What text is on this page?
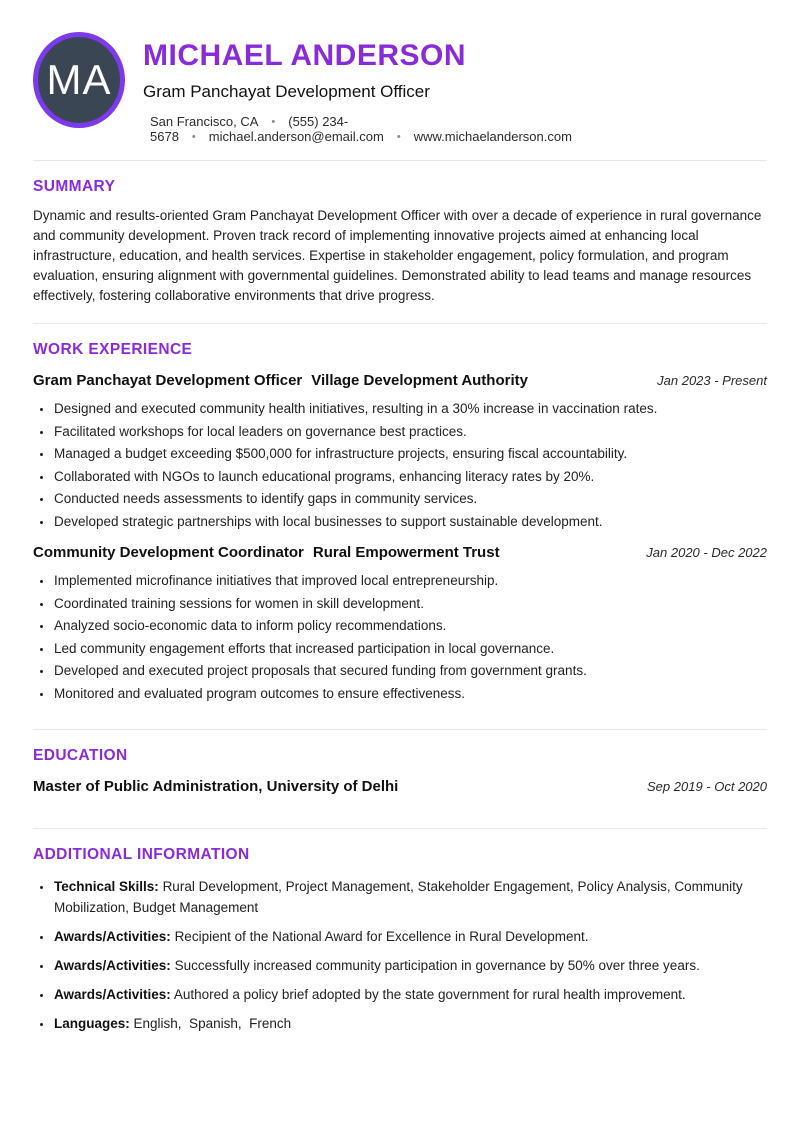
MA
MICHAEL ANDERSON
Gram Panchayat Development Officer
San Francisco, CA • (555) 234-5678 • michael.anderson@email.com • www.michaelanderson.com
SUMMARY

Dynamic and results-oriented Gram Panchayat Development Officer with over a decade of experience in rural governance and community development. Proven track record of implementing innovative projects aimed at enhancing local infrastructure, education, and health services. Expertise in stakeholder engagement, policy formulation, and program evaluation, ensuring alignment with governmental guidelines. Demonstrated ability to lead teams and manage resources effectively, fostering collaborative environments that drive progress.

WORK EXPERIENCE
Gram Panchayat Development Officer Village Development Authority	Jan 2023 - Present
• Designed and executed community health initiatives, resulting in a 30% increase in vaccination rates.
• Facilitated workshops for local leaders on governance best practices.
• Managed a budget exceeding $500,000 for infrastructure projects, ensuring fiscal accountability.
• Collaborated with NGOs to launch educational programs, enhancing literacy rates by 20%.
• Conducted needs assessments to identify gaps in community services.
• Developed strategic partnerships with local businesses to support sustainable development.
Community Development Coordinator Rural Empowerment Trust	Jan 2020 - Dec 2022
• Implemented microfinance initiatives that improved local entrepreneurship.
• Coordinated training sessions for women in skill development.
• Analyzed socio-economic data to inform policy recommendations.
• Led community engagement efforts that increased participation in local governance.
• Developed and executed project proposals that secured funding from government grants.
• Monitored and evaluated program outcomes to ensure effectiveness.
EDUCATION
Master of Public Administration, University of Delhi	Sep 2019 - Oct 2020
ADDITIONAL INFORMATION
• Technical Skills: Rural Development, Project Management, Stakeholder Engagement, Policy Analysis, Community Mobilization, Budget Management
• Awards/Activities: Recipient of the National Award for Excellence in Rural Development.
• Awards/Activities: Successfully increased community participation in governance by 50% over three years.
• Awards/Activities: Authored a policy brief adopted by the state government for rural health improvement.
• Languages: English,  Spanish,  French
